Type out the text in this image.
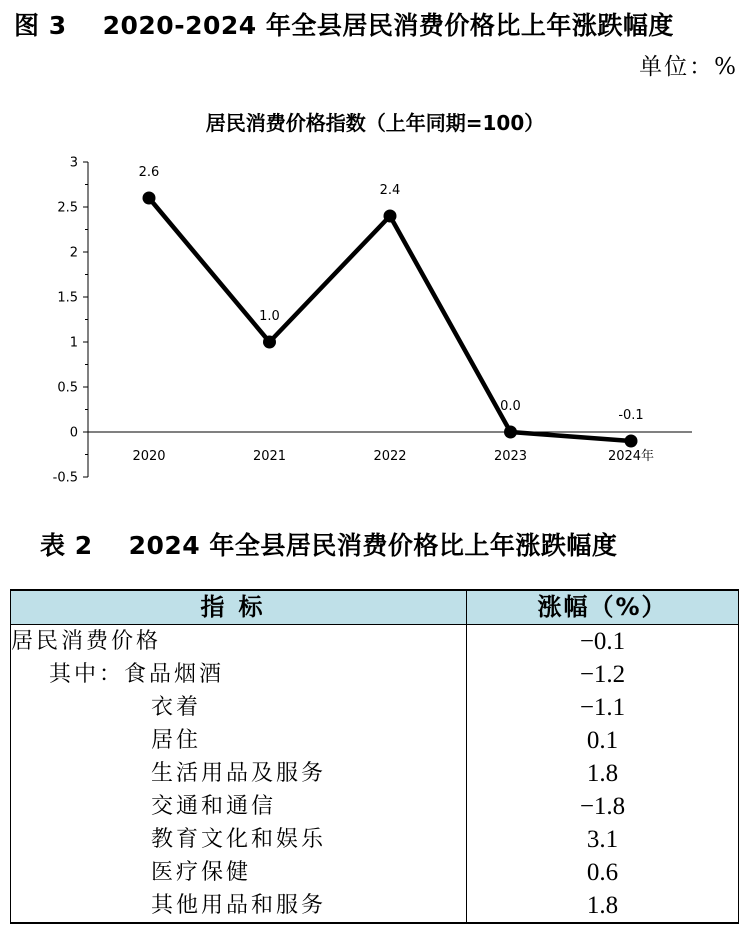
图 3 2020-2024 年全县居民消费价格比上年涨跌幅度
单位：%
居民消费价格指数（上年同期=100）
3
2.5
2
1.5
1
0.5
0
-0.5
2020	2021	2022	2023	2024年
2.6
1.0
2.4
0.0
-0.1
表 2 2024 年全县居民消费价格比上年涨跌幅度
指标	涨幅（%）
居民消费价格	−0.1
其中：食品烟酒	−1.2
衣着	−1.1
居住	0.1
生活用品及服务	1.8
交通和通信	−1.8
教育文化和娱乐	3.1
医疗保健	0.6
其他用品和服务	1.8
